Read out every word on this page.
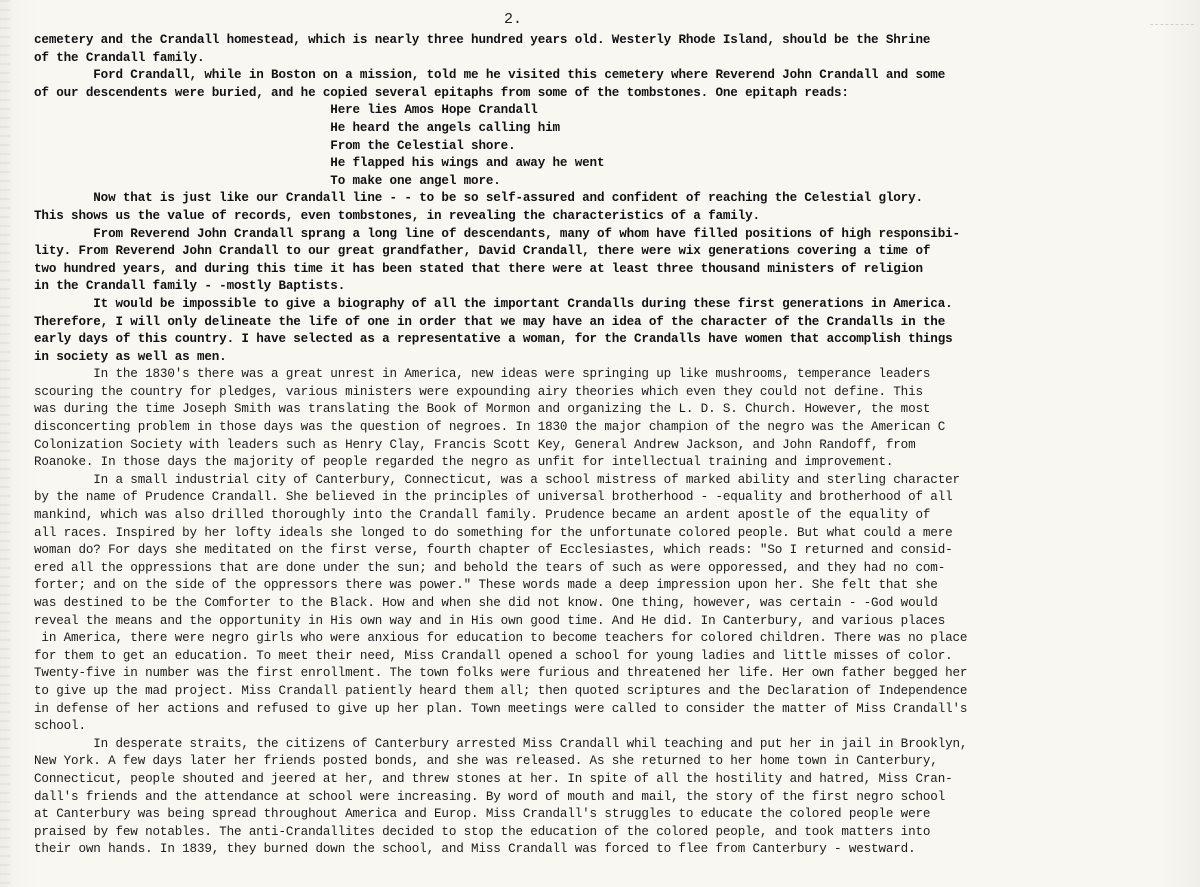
2.
cemetery and the Crandall homestead, which is nearly three hundred years old. Westerly Rhode Island, should be the Shrine
of the Crandall family.
Ford Crandall, while in Boston on a mission, told me he visited this cemetery where Reverend John Crandall and some
of our descendents were buried, and he copied several epitaphs from some of the tombstones. One epitaph reads:
Here lies Amos Hope Crandall
He heard the angels calling him
From the Celestial shore.
He flapped his wings and away he went
To make one angel more.
Now that is just like our Crandall line - - to be so self-assured and confident of reaching the Celestial glory.
This shows us the value of records, even tombstones, in revealing the characteristics of a family.
From Reverend John Crandall sprang a long line of descendants, many of whom have filled positions of high responsibi-
lity. From Reverend John Crandall to our great grandfather, David Crandall, there were wix generations covering a time of
two hundred years, and during this time it has been stated that there were at least three thousand ministers of religion
in the Crandall family - -mostly Baptists.
It would be impossible to give a biography of all the important Crandalls during these first generations in America.
Therefore, I will only delineate the life of one in order that we may have an idea of the character of the Crandalls in the
early days of this country. I have selected as a representative a woman, for the Crandalls have women that accomplish things
in society as well as men.
In the 1830's there was a great unrest in America, new ideas were springing up like mushrooms, temperance leaders
scouring the country for pledges, various ministers were expounding airy theories which even they could not define. This
was during the time Joseph Smith was translating the Book of Mormon and organizing the L. D. S. Church. However, the most
disconcerting problem in those days was the question of negroes. In 1830 the major champion of the negro was the American C
Colonization Society with leaders such as Henry Clay, Francis Scott Key, General Andrew Jackson, and John Randoff, from
Roanoke. In those days the majority of people regarded the negro as unfit for intellectual training and improvement.
In a small industrial city of Canterbury, Connecticut, was a school mistress of marked ability and sterling character
by the name of Prudence Crandall. She believed in the principles of universal brotherhood - -equality and brotherhood of all
mankind, which was also drilled thoroughly into the Crandall family. Prudence became an ardent apostle of the equality of
all races. Inspired by her lofty ideals she longed to do something for the unfortunate colored people. But what could a mere
woman do? For days she meditated on the first verse, fourth chapter of Ecclesiastes, which reads: "So I returned and consid-
ered all the oppressions that are done under the sun; and behold the tears of such as were opporessed, and they had no com-
forter; and on the side of the oppressors there was power." These words made a deep impression upon her. She felt that she
was destined to be the Comforter to the Black. How and when she did not know. One thing, however, was certain - -God would
reveal the means and the opportunity in His own way and in His own good time. And He did. In Canterbury, and various places
in America, there were negro girls who were anxious for education to become teachers for colored children. There was no place
for them to get an education. To meet their need, Miss Crandall opened a school for young ladies and little misses of color.
Twenty-five in number was the first enrollment. The town folks were furious and threatened her life. Her own father begged her
to give up the mad project. Miss Crandall patiently heard them all; then quoted scriptures and the Declaration of Independence
in defense of her actions and refused to give up her plan. Town meetings were called to consider the matter of Miss Crandall's
school.
In desperate straits, the citizens of Canterbury arrested Miss Crandall whil teaching and put her in jail in Brooklyn,
New York. A few days later her friends posted bonds, and she was released. As she returned to her home town in Canterbury,
Connecticut, people shouted and jeered at her, and threw stones at her. In spite of all the hostility and hatred, Miss Cran-
dall's friends and the attendance at school were increasing. By word of mouth and mail, the story of the first negro school
at Canterbury was being spread throughout America and Europ. Miss Crandall's struggles to educate the colored people were
praised by few notables. The anti-Crandallites decided to stop the education of the colored people, and took matters into
their own hands. In 1839, they burned down the school, and Miss Crandall was forced to flee from Canterbury - westward.
